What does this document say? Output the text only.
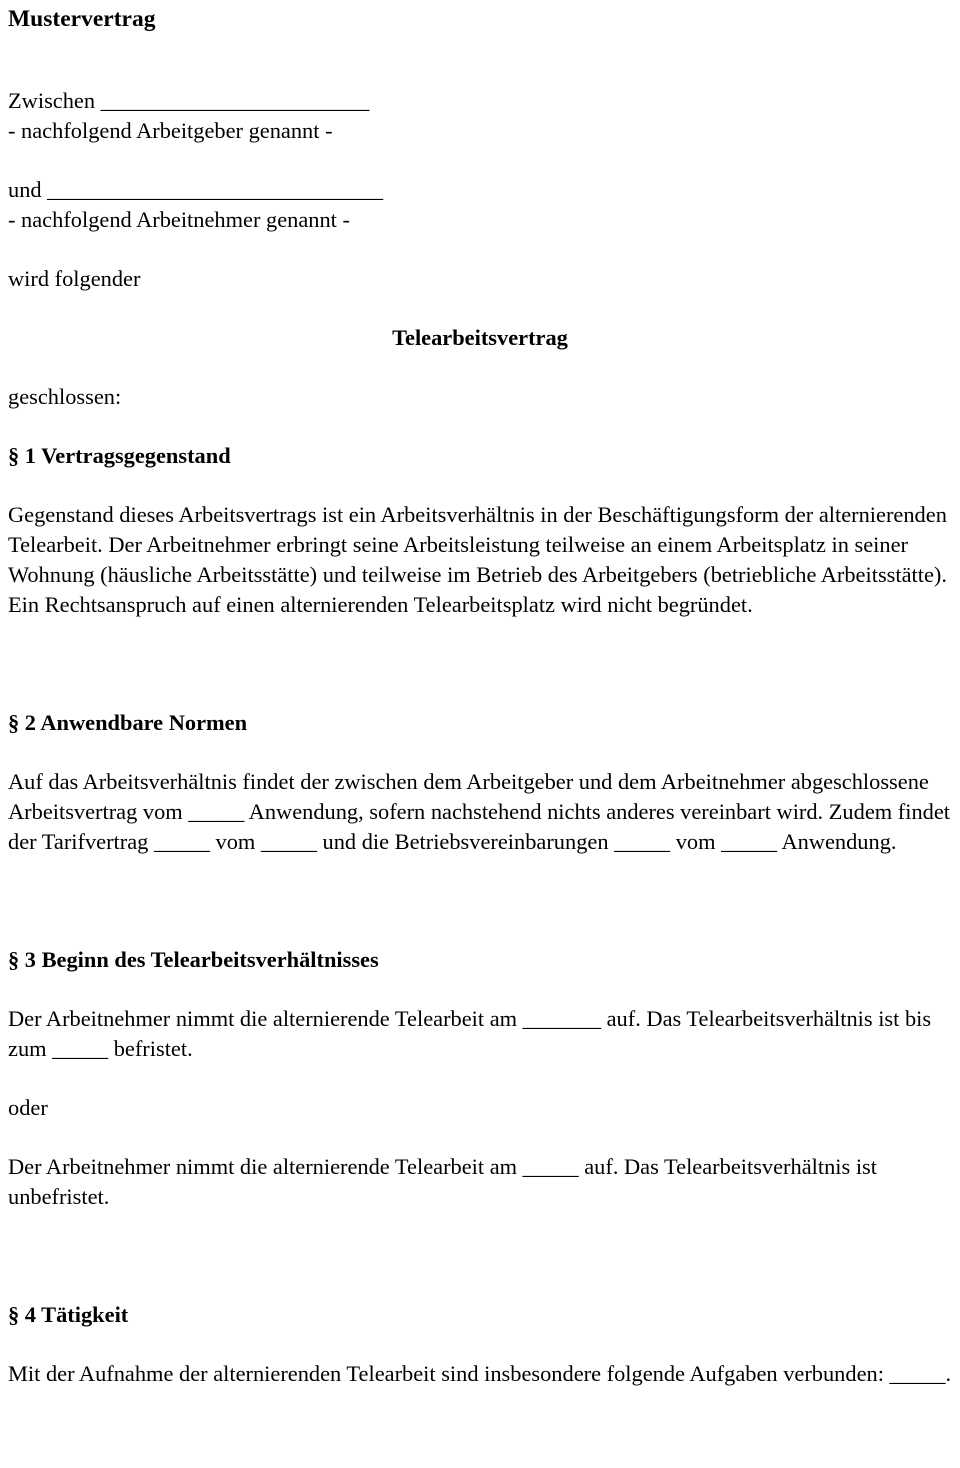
Mustervertrag

Zwischen ________________________

- nachfolgend Arbeitgeber genannt -

und ______________________________

- nachfolgend Arbeitnehmer genannt -

wird folgender

Telearbeitsvertrag

geschlossen:

§ 1 Vertragsgegenstand

Gegenstand dieses Arbeitsvertrags ist ein Arbeitsverhältnis in der Beschäftigungsform der alternierenden Telearbeit. Der Arbeitnehmer erbringt seine Arbeitsleistung teilweise an einem Arbeitsplatz in seiner Wohnung (häusliche Arbeitsstätte) und teilweise im Betrieb des Arbeitgebers (betriebliche Arbeitsstätte). Ein Rechtsanspruch auf einen alternierenden Telearbeitsplatz wird nicht begründet.

§ 2 Anwendbare Normen

Auf das Arbeitsverhältnis findet der zwischen dem Arbeitgeber und dem Arbeitnehmer abgeschlossene Arbeitsvertrag vom _____ Anwendung, sofern nachstehend nichts anderes vereinbart wird. Zudem findet der Tarifvertrag _____ vom _____ und die Betriebsvereinbarungen _____ vom _____ Anwendung.

§ 3 Beginn des Telearbeitsverhältnisses

Der Arbeitnehmer nimmt die alternierende Telearbeit am _______ auf. Das Telearbeitsverhältnis ist bis zum _____ befristet.

oder

Der Arbeitnehmer nimmt die alternierende Telearbeit am _____ auf. Das Telearbeitsverhältnis ist unbefristet.

§ 4 Tätigkeit

Mit der Aufnahme der alternierenden Telearbeit sind insbesondere folgende Aufgaben verbunden: _____.
